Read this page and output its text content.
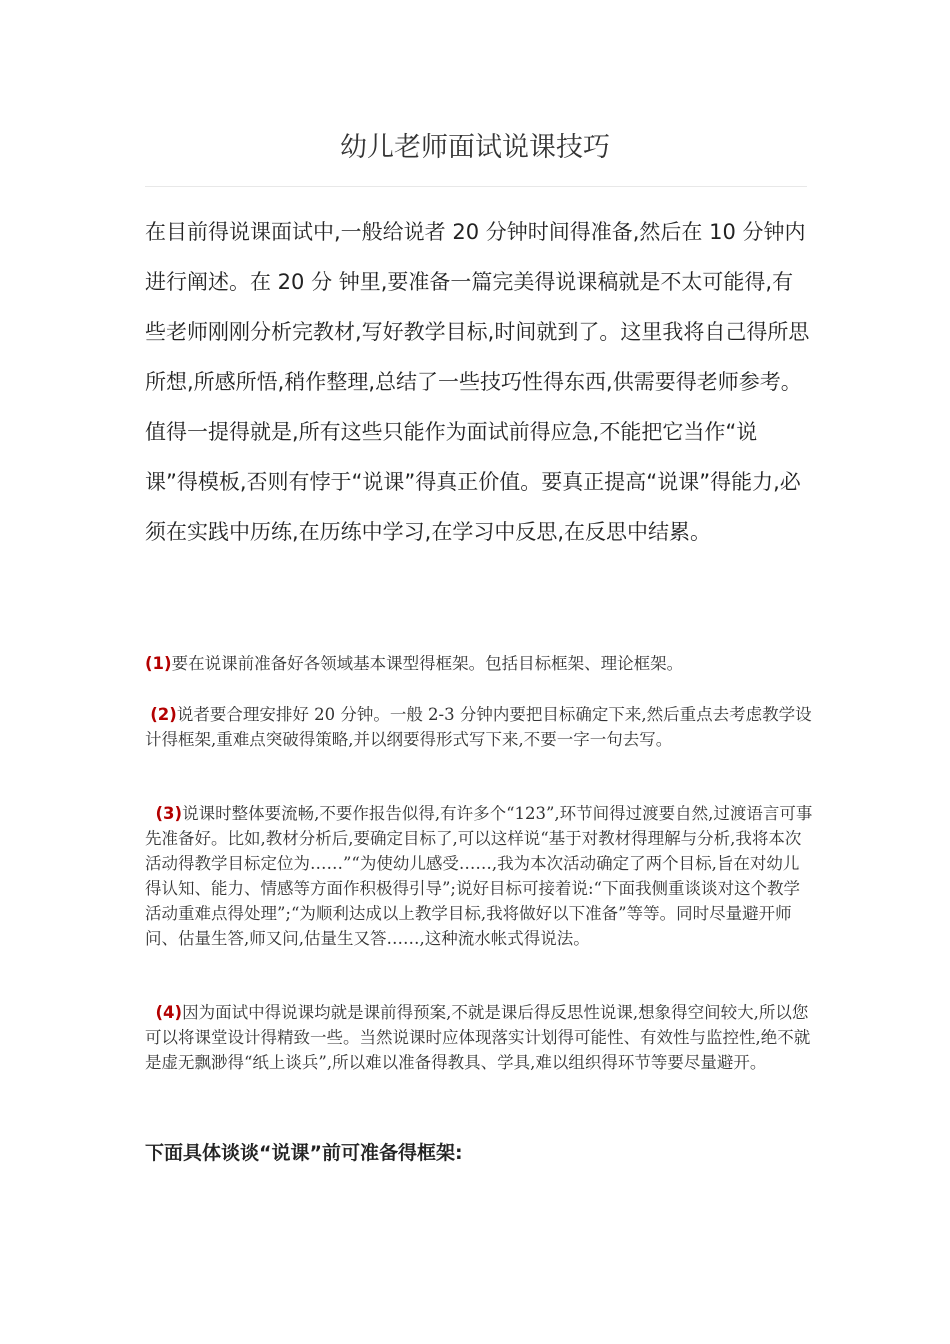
幼儿老师面试说课技巧

在目前得说课面试中,一般给说者 20 分钟时间得准备,然后在 10 分钟内进行阐述。在 20 分 钟里,要准备一篇完美得说课稿就是不太可能得,有些老师刚刚分析完教材,写好教学目标,时间就到了。这里我将自己得所思所想,所感所悟,稍作整理,总结了一些技巧性得东西,供需要得老师参考。值得一提得就是,所有这些只能作为面试前得应急,不能把它当作“说课”得模板,否则有悖于“说课”得真正价值。要真正提高“说课”得能力,必须在实践中历练,在历练中学习,在学习中反思,在反思中结累。

(1)要在说课前准备好各领域基本课型得框架。包括目标框架、理论框架。

(2)说者要合理安排好 20 分钟。一般 2-3 分钟内要把目标确定下来,然后重点去考虑教学设计得框架,重难点突破得策略,并以纲要得形式写下来,不要一字一句去写。

(3)说课时整体要流畅,不要作报告似得,有许多个“123”,环节间得过渡要自然,过渡语言可事先准备好。比如,教材分析后,要确定目标了,可以这样说“基于对教材得理解与分析,我将本次活动得教学目标定位为……”“为使幼儿感受……,我为本次活动确定了两个目标,旨在对幼儿得认知、能力、情感等方面作积极得引导”;说好目标可接着说:“下面我侧重谈谈对这个教学活动重难点得处理”;“为顺利达成以上教学目标,我将做好以下准备”等等。同时尽量避开师问、估量生答,师又问,估量生又答……,这种流水帐式得说法。

(4)因为面试中得说课均就是课前得预案,不就是课后得反思性说课,想象得空间较大,所以您可以将课堂设计得精致一些。当然说课时应体现落实计划得可能性、有效性与监控性,绝不就是虚无飘渺得“纸上谈兵”,所以难以准备得教具、学具,难以组织得环节等要尽量避开。

下面具体谈谈“说课”前可准备得框架:
